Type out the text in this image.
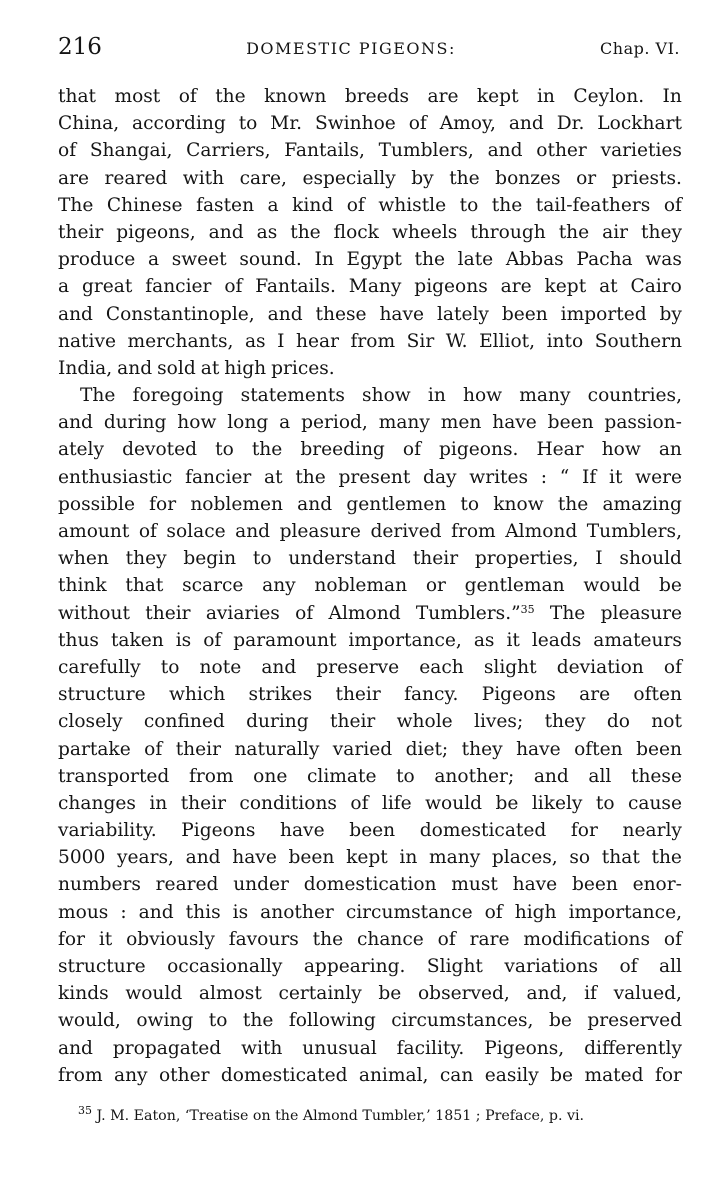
216	DOMESTIC PIGEONS:	Chap. VI.
that most of the known breeds are kept in Ceylon. In
China, according to Mr. Swinhoe of Amoy, and Dr. Lockhart
of Shangai, Carriers, Fantails, Tumblers, and other varieties
are reared with care, especially by the bonzes or priests.
The Chinese fasten a kind of whistle to the tail-feathers of
their pigeons, and as the flock wheels through the air they
produce a sweet sound. In Egypt the late Abbas Pacha was
a great fancier of Fantails. Many pigeons are kept at Cairo
and Constantinople, and these have lately been imported by
native merchants, as I hear from Sir W. Elliot, into Southern
India, and sold at high prices.
The foregoing statements show in how many countries,
and during how long a period, many men have been passion-
ately devoted to the breeding of pigeons. Hear how an
enthusiastic fancier at the present day writes : “ If it were
possible for noblemen and gentlemen to know the amazing
amount of solace and pleasure derived from Almond Tumblers,
when they begin to understand their properties, I should
think that scarce any nobleman or gentleman would be
without their aviaries of Almond Tumblers.”$^{35}$ The pleasure
thus taken is of paramount importance, as it leads amateurs
carefully to note and preserve each slight deviation of
structure which strikes their fancy. Pigeons are often
closely confined during their whole lives; they do not
partake of their naturally varied diet; they have often been
transported from one climate to another; and all these
changes in their conditions of life would be likely to cause
variability. Pigeons have been domesticated for nearly
5000 years, and have been kept in many places, so that the
numbers reared under domestication must have been enor-
mous : and this is another circumstance of high importance,
for it obviously favours the chance of rare modifications of
structure occasionally appearing. Slight variations of all
kinds would almost certainly be observed, and, if valued,
would, owing to the following circumstances, be preserved
and propagated with unusual facility. Pigeons, differently
from any other domesticated animal, can easily be mated for
$^{35}$ J. M. Eaton, ‘Treatise on the Almond Tumbler,’ 1851 ; Preface, p. vi.
